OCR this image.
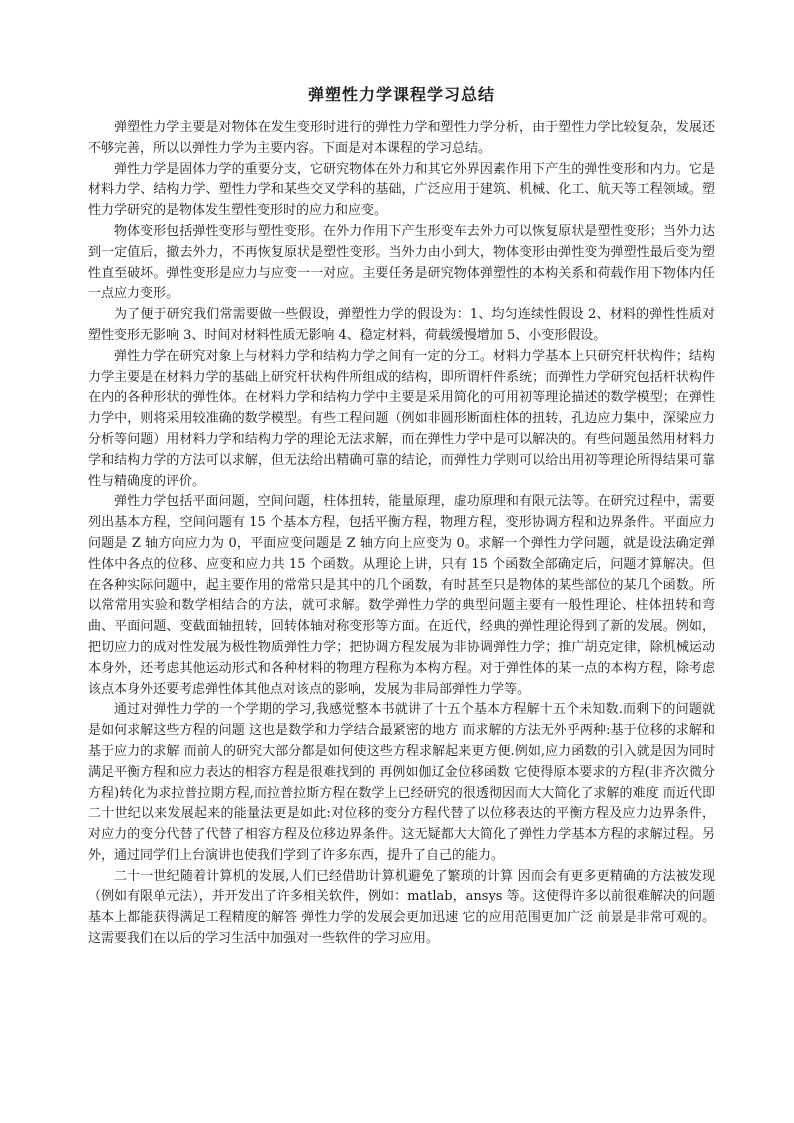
弹塑性力学课程学习总结

弹塑性力学主要是对物体在发生变形时进行的弹性力学和塑性力学分析，由于塑性力学比较复杂，发展还不够完善，所以以弹性力学为主要内容。下面是对本课程的学习总结。

弹性力学是固体力学的重要分支，它研究物体在外力和其它外界因素作用下产生的弹性变形和内力。它是材料力学、结构力学、塑性力学和某些交叉学科的基础，广泛应用于建筑、机械、化工、航天等工程领域。塑性力学研究的是物体发生塑性变形时的应力和应变。

物体变形包括弹性变形与塑性变形。在外力作用下产生形变车去外力可以恢复原状是塑性变形；当外力达到一定值后，撤去外力，不再恢复原状是塑性变形。当外力由小到大，物体变形由弹性变为弹塑性最后变为塑性直至破坏。弹性变形是应力与应变一一对应。主要任务是研究物体弹塑性的本构关系和荷载作用下物体内任一点应力变形。

为了便于研究我们常需要做一些假设，弹塑性力学的假设为：1、均匀连续性假设 2、材料的弹性性质对塑性变形无影响 3、时间对材料性质无影响 4、稳定材料，荷载缓慢增加 5、小变形假设。

弹性力学在研究对象上与材料力学和结构力学之间有一定的分工。材料力学基本上只研究杆状构件；结构力学主要是在材料力学的基础上研究杆状构件所组成的结构，即所谓杆件系统；而弹性力学研究包括杆状构件在内的各种形状的弹性体。在材料力学和结构力学中主要是采用简化的可用初等理论描述的数学模型；在弹性力学中，则将采用较准确的数学模型。有些工程问题（例如非圆形断面柱体的扭转，孔边应力集中，深梁应力分析等问题）用材料力学和结构力学的理论无法求解，而在弹性力学中是可以解决的。有些问题虽然用材料力学和结构力学的方法可以求解，但无法给出精确可靠的结论，而弹性力学则可以给出用初等理论所得结果可靠性与精确度的评价。

弹性力学包括平面问题，空间问题，柱体扭转，能量原理，虚功原理和有限元法等。在研究过程中，需要列出基本方程，空间问题有 15 个基本方程，包括平衡方程，物理方程，变形协调方程和边界条件。平面应力问题是 Z 轴方向应力为 0，平面应变问题是 Z 轴方向上应变为 0。求解一个弹性力学问题，就是设法确定弹性体中各点的位移、应变和应力共 15 个函数。从理论上讲，只有 15 个函数全部确定后，问题才算解决。但在各种实际问题中，起主要作用的常常只是其中的几个函数，有时甚至只是物体的某些部位的某几个函数。所以常常用实验和数学相结合的方法，就可求解。数学弹性力学的典型问题主要有一般性理论、柱体扭转和弯曲、平面问题、变截面轴扭转，回转体轴对称变形等方面。在近代，经典的弹性理论得到了新的发展。例如，把切应力的成对性发展为极性物质弹性力学；把协调方程发展为非协调弹性力学；推广胡克定律，除机械运动本身外，还考虑其他运动形式和各种材料的物理方程称为本构方程。对于弹性体的某一点的本构方程，除考虑该点本身外还要考虑弹性体其他点对该点的影响，发展为非局部弹性力学等。

通过对弹性力学的一个学期的学习,我感觉整本书就讲了十五个基本方程解十五个未知数.而剩下的问题就是如何求解这些方程的问题 这也是数学和力学结合最紧密的地方 而求解的方法无外乎两种:基于位移的求解和基于应力的求解 而前人的研究大部分都是如何使这些方程求解起来更方便.例如,应力函数的引入就是因为同时满足平衡方程和应力表达的相容方程是很难找到的 再例如伽辽金位移函数 它使得原本要求的方程(非齐次微分方程)转化为求拉普拉期方程,而拉普拉斯方程在数学上已经研究的很透彻因而大大简化了求解的难度 而近代即二十世纪以来发展起来的能量法更是如此:对位移的变分方程代替了以位移表达的平衡方程及应力边界条件，对应力的变分代替了代替了相容方程及位移边界条件。这无疑都大大简化了弹性力学基本方程的求解过程。另外，通过同学们上台演讲也使我们学到了许多东西，提升了自己的能力。

二十一世纪随着计算机的发展,人们已经借助计算机避免了繁琐的计算 因而会有更多更精确的方法被发现（例如有限单元法），并开发出了许多相关软件，例如：matlab，ansys 等。这使得许多以前很难解决的问题基本上都能获得满足工程精度的解答 弹性力学的发展会更加迅速 它的应用范围更加广泛 前景是非常可观的。这需要我们在以后的学习生活中加强对一些软件的学习应用。
